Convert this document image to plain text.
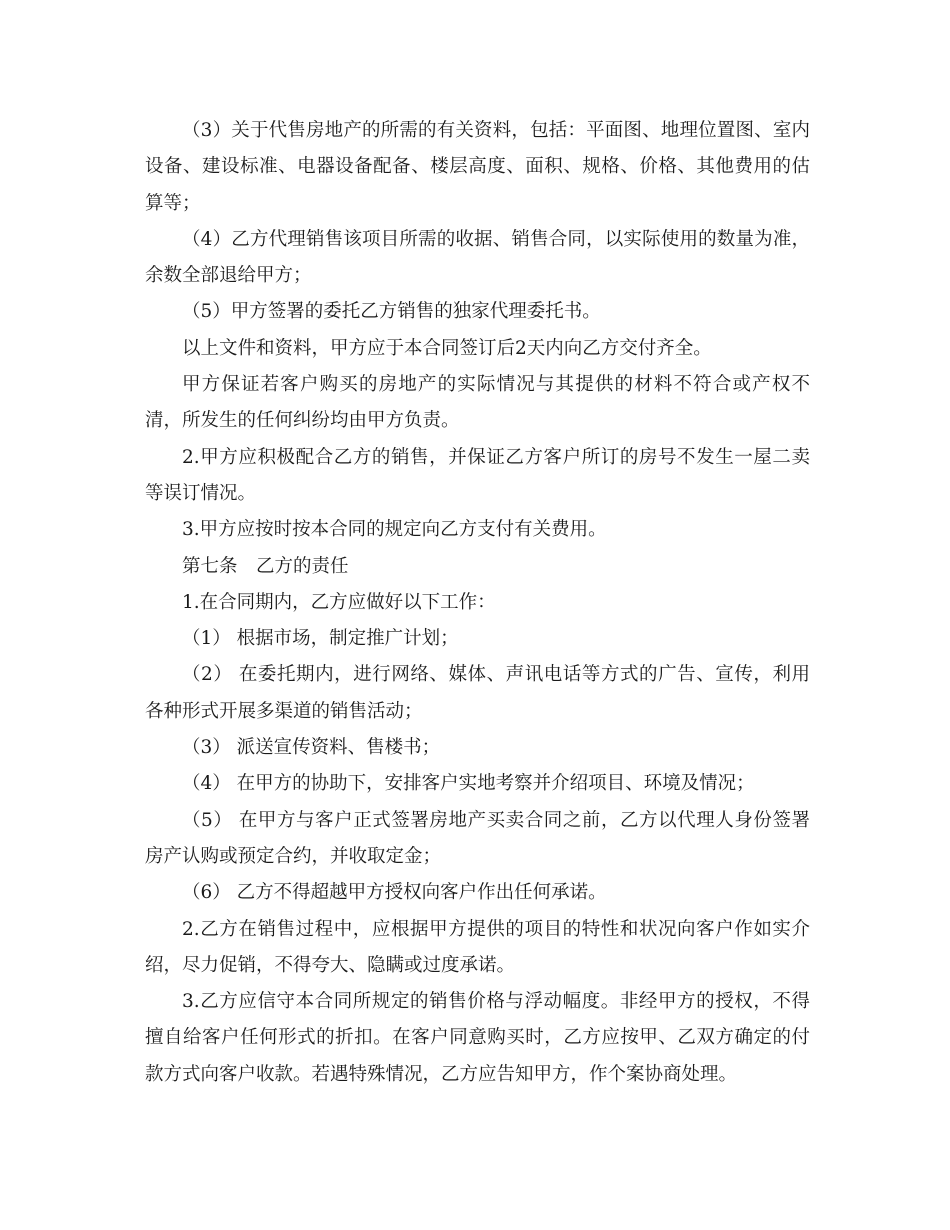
（3）关于代售房地产的所需的有关资料，包括：平面图、地理位置图、室内设备、建设标准、电器设备配备、楼层高度、面积、规格、价格、其他费用的估算等；

（4）乙方代理销售该项目所需的收据、销售合同，以实际使用的数量为准，余数全部退给甲方；

（5）甲方签署的委托乙方销售的独家代理委托书。

以上文件和资料，甲方应于本合同签订后2天内向乙方交付齐全。

甲方保证若客户购买的房地产的实际情况与其提供的材料不符合或产权不清，所发生的任何纠纷均由甲方负责。

2.甲方应积极配合乙方的销售，并保证乙方客户所订的房号不发生一屋二卖等误订情况。

3.甲方应按时按本合同的规定向乙方支付有关费用。

第七条　乙方的责任

1.在合同期内，乙方应做好以下工作：

（1） 根据市场，制定推广计划；

（2） 在委托期内，进行网络、媒体、声讯电话等方式的广告、宣传，利用各种形式开展多渠道的销售活动；

（3） 派送宣传资料、售楼书；

（4） 在甲方的协助下，安排客户实地考察并介绍项目、环境及情况；

（5） 在甲方与客户正式签署房地产买卖合同之前，乙方以代理人身份签署房产认购或预定合约，并收取定金；

（6） 乙方不得超越甲方授权向客户作出任何承诺。

2.乙方在销售过程中，应根据甲方提供的项目的特性和状况向客户作如实介绍，尽力促销，不得夸大、隐瞒或过度承诺。

3.乙方应信守本合同所规定的销售价格与浮动幅度。非经甲方的授权，不得擅自给客户任何形式的折扣。在客户同意购买时，乙方应按甲、乙双方确定的付款方式向客户收款。若遇特殊情况，乙方应告知甲方，作个案协商处理。
